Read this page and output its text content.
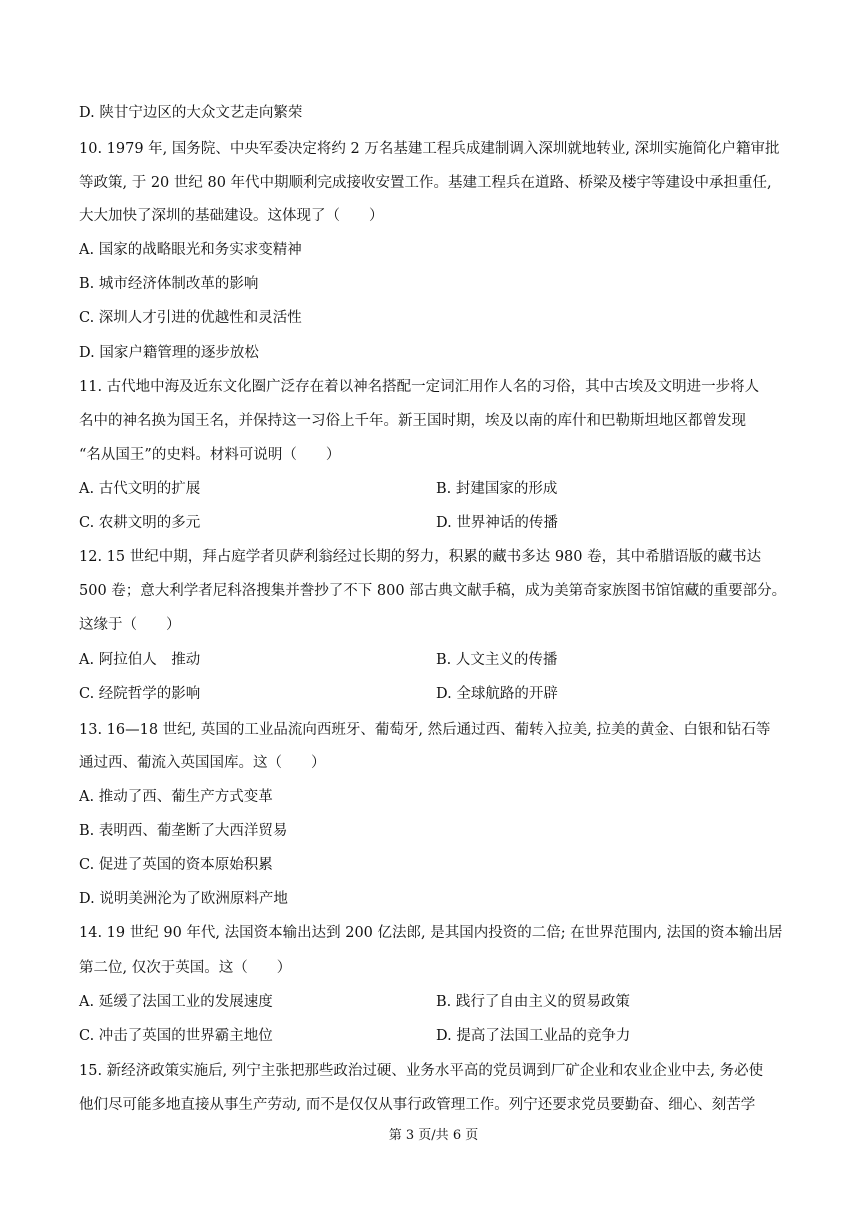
D. 陕甘宁边区的大众文艺走向繁荣
10. 1979 年, 国务院、中央军委决定将约 2 万名基建工程兵成建制调入深圳就地转业, 深圳实施简化户籍审批
等政策, 于 20 世纪 80 年代中期顺利完成接收安置工作。基建工程兵在道路、桥梁及楼宇等建设中承担重任,
大大加快了深圳的基础建设。这体现了（　　）
A. 国家的战略眼光和务实求变精神
B. 城市经济体制改革的影响
C. 深圳人才引进的优越性和灵活性
D. 国家户籍管理的逐步放松
11. 古代地中海及近东文化圈广泛存在着以神名搭配一定词汇用作人名的习俗，其中古埃及文明进一步将人
名中的神名换为国王名，并保持这一习俗上千年。新王国时期，埃及以南的库什和巴勒斯坦地区都曾发现
“名从国王”的史料。材料可说明（　　）
A. 古代文明的扩展	B. 封建国家的形成
C. 农耕文明的多元	D. 世界神话的传播
12. 15 世纪中期，拜占庭学者贝萨利翁经过长期的努力，积累的藏书多达 980 卷，其中希腊语版的藏书达
500 卷；意大利学者尼科洛搜集并誊抄了不下 800 部古典文献手稿，成为美第奇家族图书馆馆藏的重要部分。
这缘于（　　）
A. 阿拉伯人　推动	B. 人文主义的传播
C. 经院哲学的影响	D. 全球航路的开辟
13. 16—18 世纪, 英国的工业品流向西班牙、葡萄牙, 然后通过西、葡转入拉美, 拉美的黄金、白银和钻石等
通过西、葡流入英国国库。这（　　）
A. 推动了西、葡生产方式变革
B. 表明西、葡垄断了大西洋贸易
C. 促进了英国的资本原始积累
D. 说明美洲沦为了欧洲原料产地
14. 19 世纪 90 年代, 法国资本输出达到 200 亿法郎, 是其国内投资的二倍; 在世界范围内, 法国的资本输出居
第二位, 仅次于英国。这（　　）
A. 延缓了法国工业的发展速度	B. 践行了自由主义的贸易政策
C. 冲击了英国的世界霸主地位	D. 提高了法国工业品的竞争力
15. 新经济政策实施后, 列宁主张把那些政治过硬、业务水平高的党员调到厂矿企业和农业企业中去, 务必使
他们尽可能多地直接从事生产劳动, 而不是仅仅从事行政管理工作。列宁还要求党员要勤奋、细心、刻苦学
第 3 页/共 6 页
